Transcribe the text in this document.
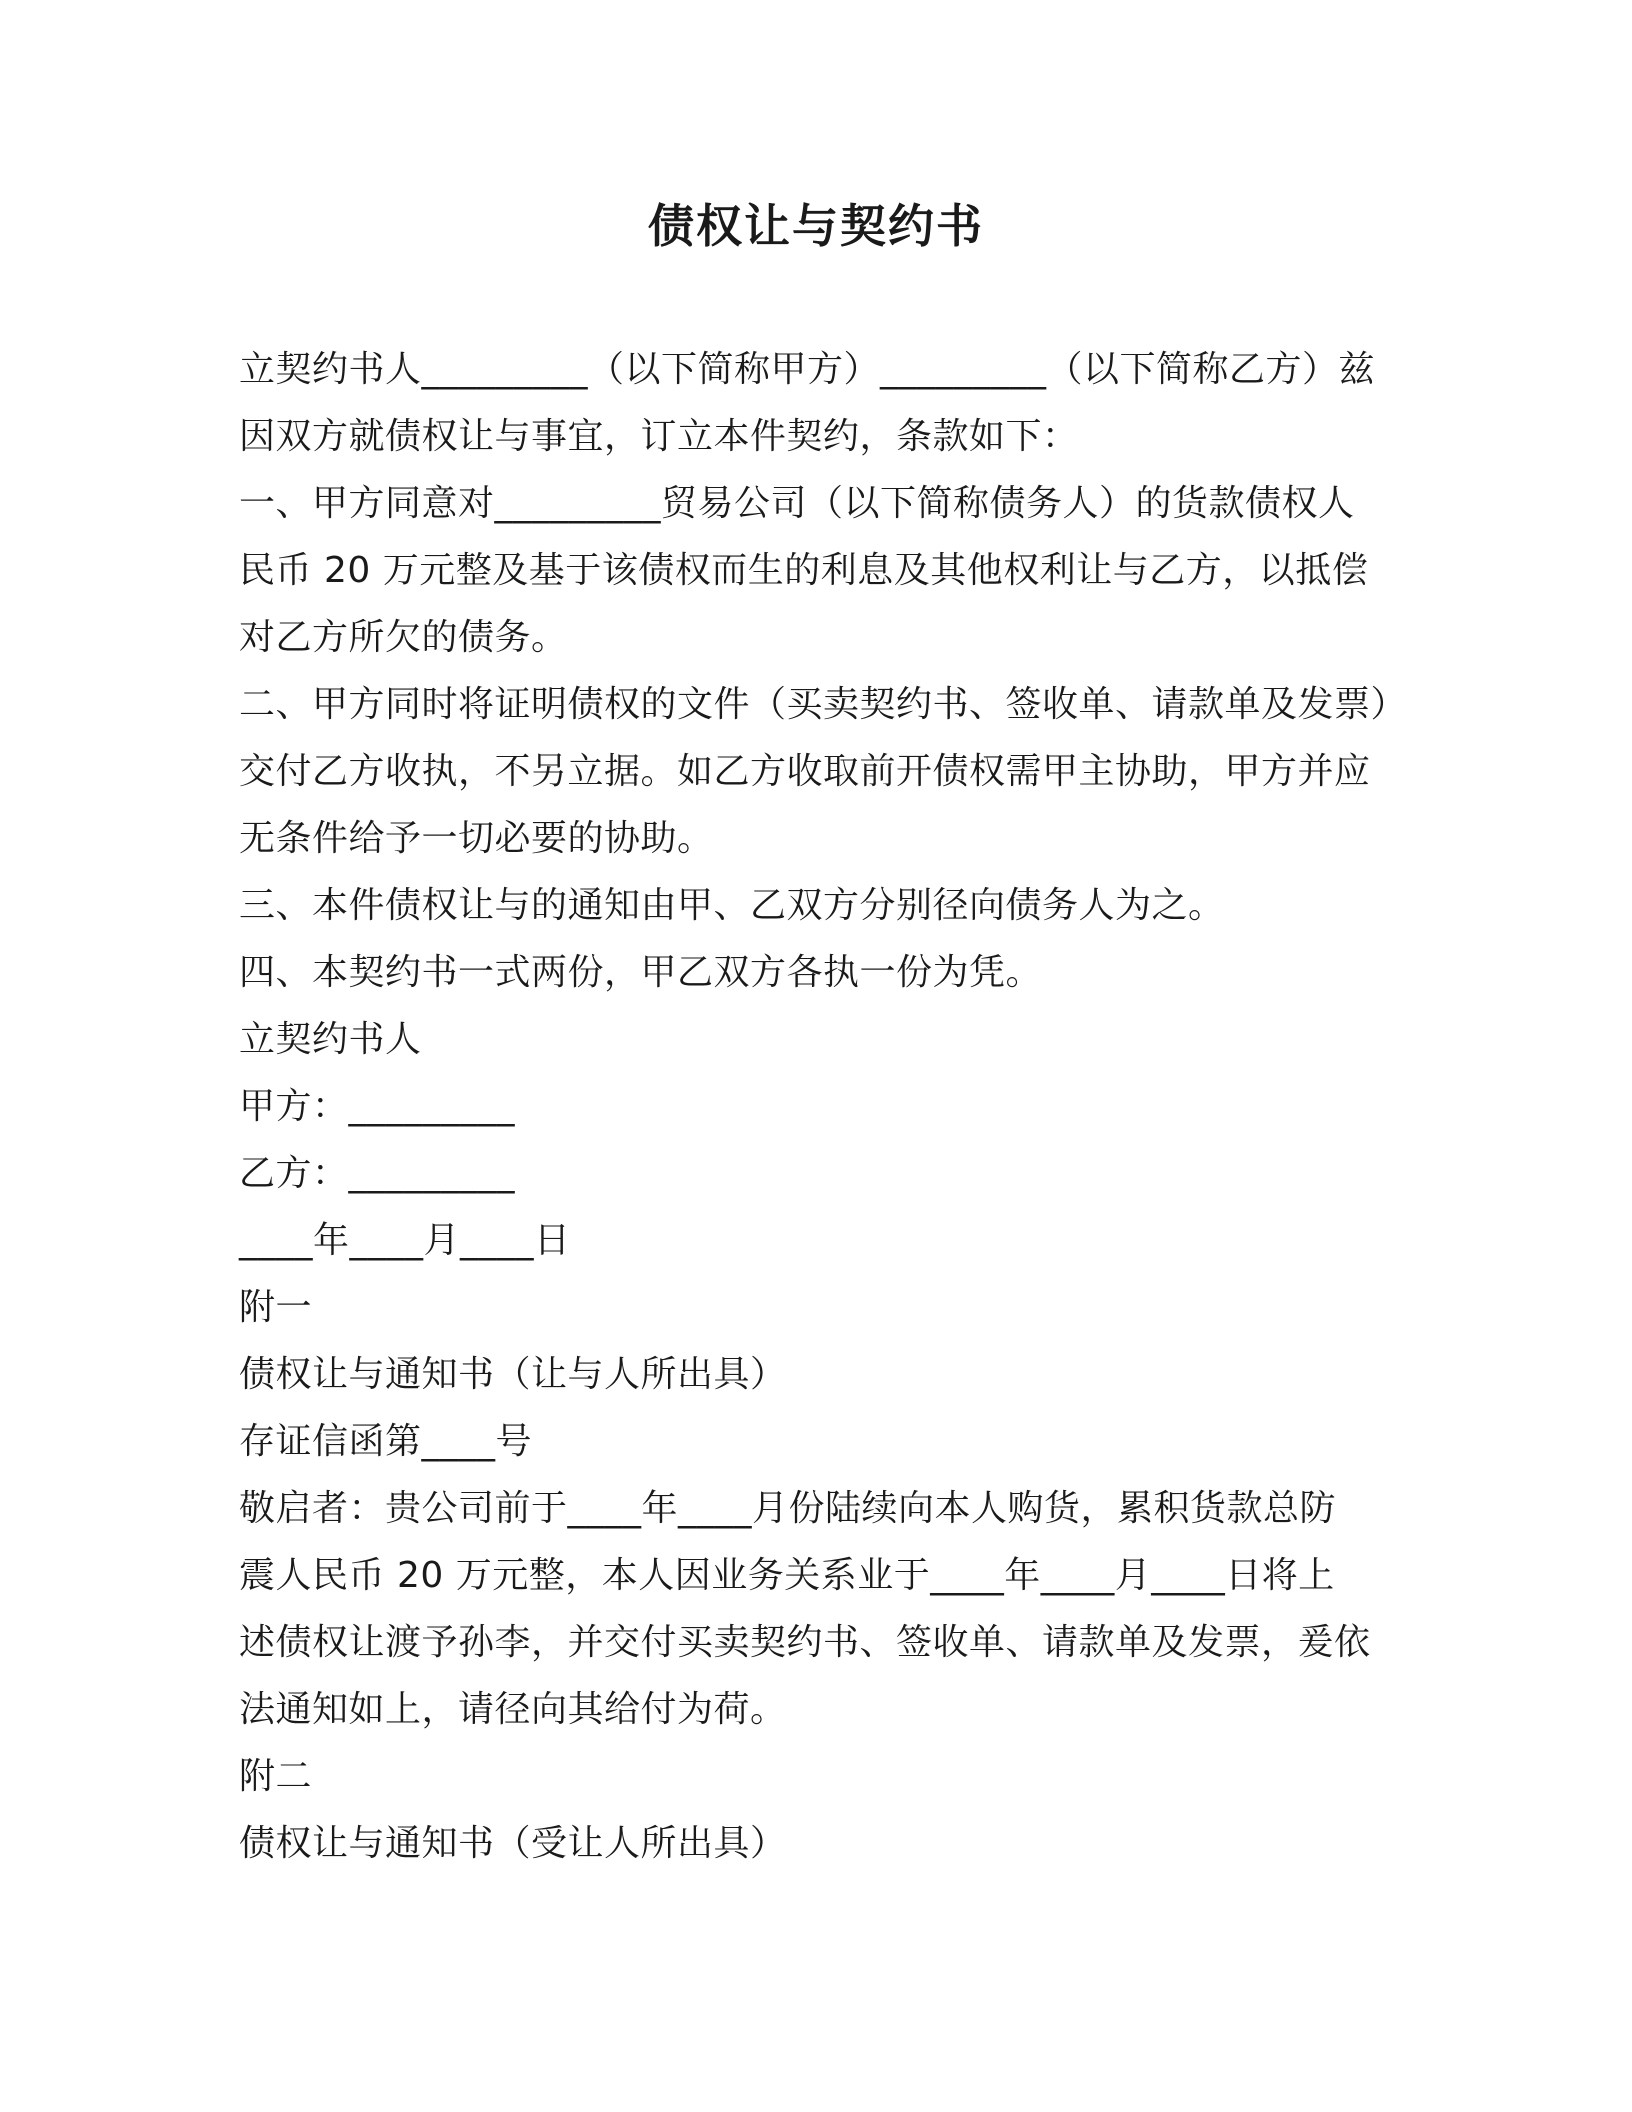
债权让与契约书
立契约书人_________（以下简称甲方）_________（以下简称乙方）兹
因双方就债权让与事宜，订立本件契约，条款如下：
一、甲方同意对_________贸易公司（以下简称债务人）的货款债权人
民币 20 万元整及基于该债权而生的利息及其他权利让与乙方，以抵偿
对乙方所欠的债务。
二、甲方同时将证明债权的文件（买卖契约书、签收单、请款单及发票）
交付乙方收执，不另立据。如乙方收取前开债权需甲主协助，甲方并应
无条件给予一切必要的协助。
三、本件债权让与的通知由甲、乙双方分别径向债务人为之。
四、本契约书一式两份，甲乙双方各执一份为凭。
立契约书人
甲方：_________
乙方：_________
____年____月____日
附一
债权让与通知书（让与人所出具）
存证信函第____号
敬启者：贵公司前于____年____月份陆续向本人购货，累积货款总防
震人民币 20 万元整，本人因业务关系业于____年____月____日将上
述债权让渡予孙李，并交付买卖契约书、签收单、请款单及发票，爰依
法通知如上，请径向其给付为荷。
附二
债权让与通知书（受让人所出具）
